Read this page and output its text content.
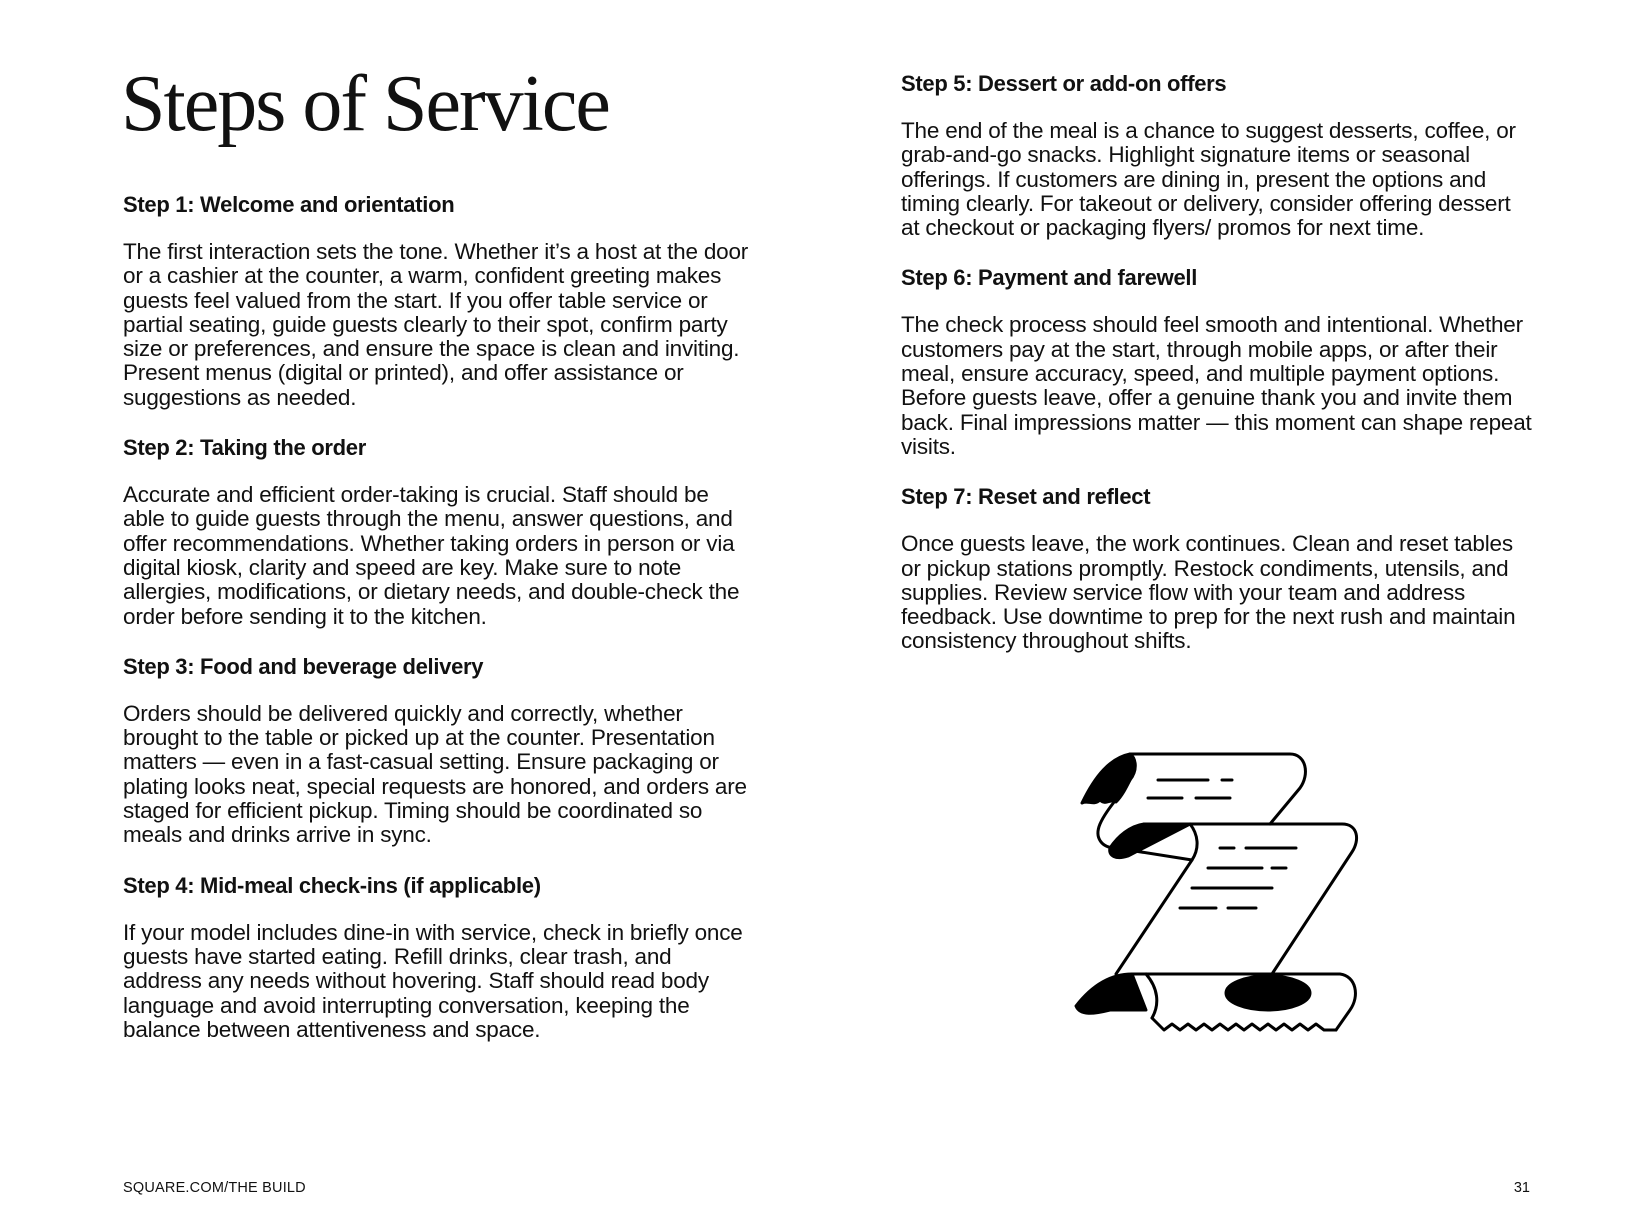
Steps of Service
Step 1: Welcome and orientation

The first interaction sets the tone. Whether it’s a host at the door or a cashier at the counter, a warm, confident greeting makes guests feel valued from the start. If you offer table service or partial seating, guide guests clearly to their spot, confirm party size or preferences, and ensure the space is clean and inviting. Present menus (digital or printed), and offer assistance or suggestions as needed.

Step 2: Taking the order

Accurate and efficient order-taking is crucial. Staff should be able to guide guests through the menu, answer questions, and offer recommendations. Whether taking orders in person or via digital kiosk, clarity and speed are key. Make sure to note allergies, modifications, or dietary needs, and double-check the order before sending it to the kitchen.

Step 3: Food and beverage delivery

Orders should be delivered quickly and correctly, whether brought to the table or picked up at the counter. Presentation matters — even in a fast-casual setting. Ensure packaging or plating looks neat, special requests are honored, and orders are staged for efficient pickup. Timing should be coordinated so meals and drinks arrive in sync.

Step 4: Mid-meal check-ins (if applicable)

If your model includes dine-in with service, check in briefly once guests have started eating. Refill drinks, clear trash, and address any needs without hovering. Staff should read body language and avoid interrupting conversation, keeping the balance between attentiveness and space.

Step 5: Dessert or add-on offers

The end of the meal is a chance to suggest desserts, coffee, or grab-and-go snacks. Highlight signature items or seasonal offerings. If customers are dining in, present the options and timing clearly. For takeout or delivery, consider offering dessert at checkout or packaging flyers/ promos for next time.

Step 6: Payment and farewell

The check process should feel smooth and intentional. Whether customers pay at the start, through mobile apps, or after their meal, ensure accuracy, speed, and multiple payment options. Before guests leave, offer a genuine thank you and invite them back. Final impressions matter — this moment can shape repeat visits.

Step 7: Reset and reflect

Once guests leave, the work continues. Clean and reset tables or pickup stations promptly. Restock condiments, utensils, and supplies. Review service flow with your team and address feedback. Use downtime to prep for the next rush and maintain consistency throughout shifts.

SQUARE.COM/THE BUILD	31
